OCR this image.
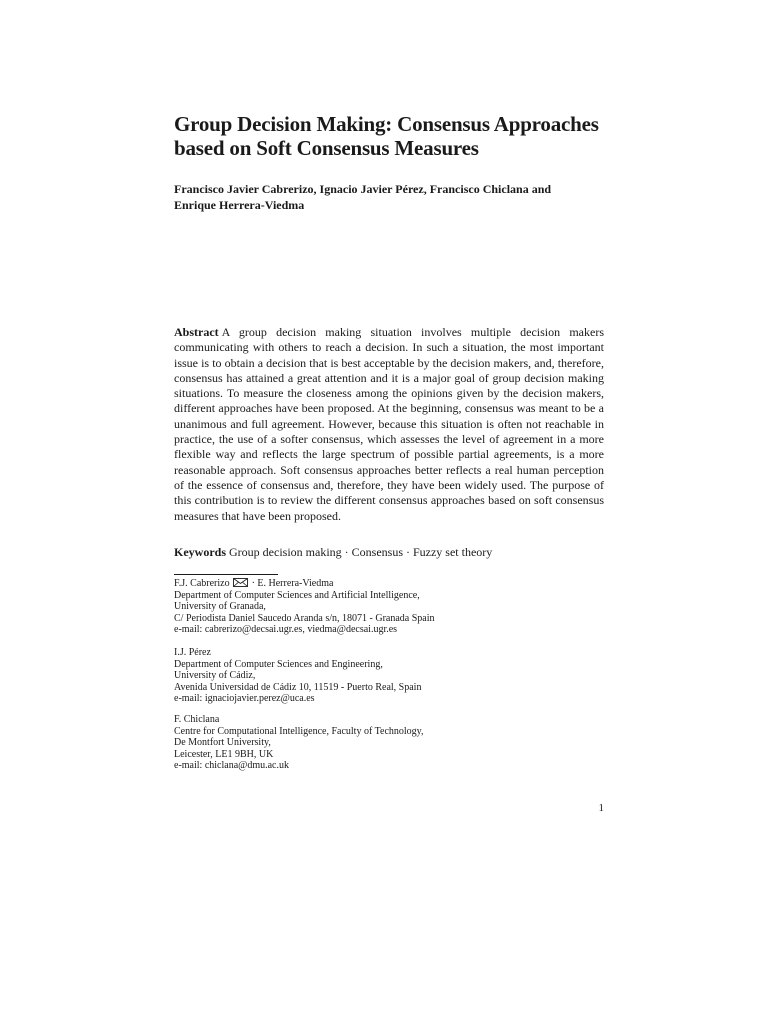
Group Decision Making: Consensus Approaches
based on Soft Consensus Measures
Francisco Javier Cabrerizo, Ignacio Javier Pérez, Francisco Chiclana and
Enrique Herrera-Viedma

Abstract A group decision making situation involves multiple decision makers communicating with others to reach a decision. In such a situation, the most important issue is to obtain a decision that is best acceptable by the decision makers, and, therefore, consensus has attained a great attention and it is a major goal of group decision making situations. To measure the closeness among the opinions given by the decision makers, different approaches have been proposed. At the beginning, consensus was meant to be a unanimous and full agreement. However, because this situation is often not reachable in practice, the use of a softer consensus, which assesses the level of agreement in a more flexible way and reflects the large spectrum of possible partial agreements, is a more reasonable approach. Soft consensus approaches better reflects a real human perception of the essence of consensus and, therefore, they have been widely used. The purpose of this contribution is to review the different consensus approaches based on soft consensus measures that have been proposed.

Keywords Group decision making · Consensus · Fuzzy set theory
F.J. Cabrerizo · E. Herrera-Viedma
Department of Computer Sciences and Artificial Intelligence,
University of Granada,
C/ Periodista Daniel Saucedo Aranda s/n, 18071 - Granada Spain
e-mail: cabrerizo@decsai.ugr.es, viedma@decsai.ugr.es
I.J. Pérez
Department of Computer Sciences and Engineering,
University of Cádiz,
Avenida Universidad de Cádiz 10, 11519 - Puerto Real, Spain
e-mail: ignaciojavier.perez@uca.es
F. Chiclana
Centre for Computational Intelligence, Faculty of Technology,
De Montfort University,
Leicester, LE1 9BH, UK
e-mail: chiclana@dmu.ac.uk
1
